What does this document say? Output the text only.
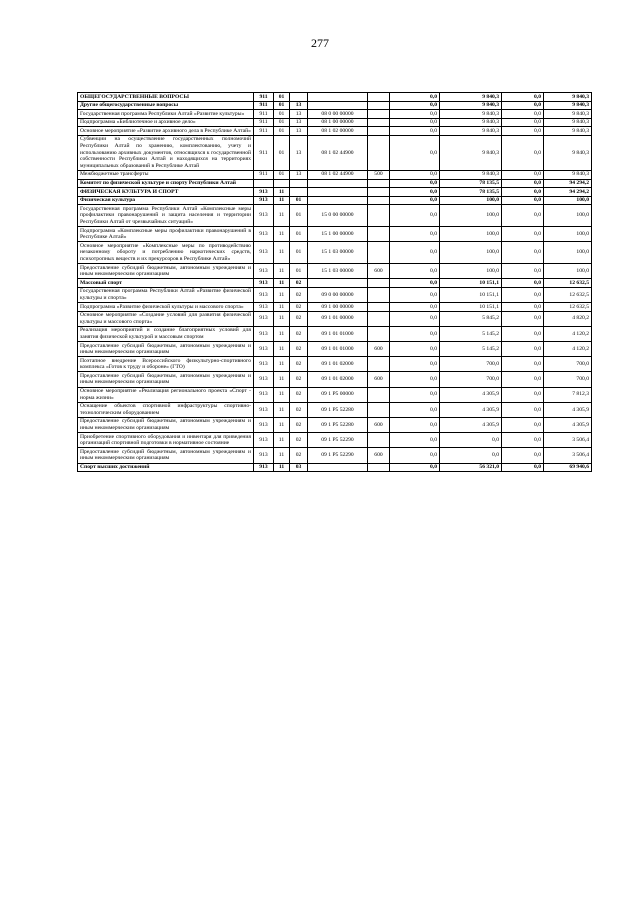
277
ОБЩЕГОСУДАРСТВЕННЫЕ ВОПРОСЫ	911	01				0,0	9 840,3	0,0	9 840,3
Другие общегосударственные вопросы	911	01	13			0,0	9 840,3	0,0	9 840,3
Государственная программа Республики Алтай «Развитие культуры»	911	01	13	08 0 00 00000		0,0	9 840,3	0,0	9 840,3
Подпрограмма «Библиотечное и архивное дело»	911	01	13	08 1 00 00000		0,0	9 840,3	0,0	9 840,3
Основное мероприятие «Развитие архивного дела в Республике Алтай»	911	01	13	08 1 02 00000		0,0	9 840,3	0,0	9 840,3
Субвенции на осуществление государственных полномочий Республики Алтай по хранению, комплектованию, учету и использованию архивных документов, относящихся к государственной собственности Республики Алтай и находящихся на территориях муниципальных образований в Республике Алтай	911	01	13	08 1 02 44900		0,0	9 840,3	0,0	9 840,3
Межбюджетные трансферты	911	01	13	08 1 02 44900	500	0,0	9 840,3	0,0	9 840,3
Комитет по физической культуре и спорту Республики Алтай						0,0	78 135,5	0,0	94 294,2
ФИЗИЧЕСКАЯ КУЛЬТУРА И СПОРТ	913	11				0,0	78 135,5	0,0	94 294,2
Физическая культура	913	11	01			0,0	100,0	0,0	100,0
Государственная программа Республики Алтай «Комплексные меры профилактики правонарушений и защита населения и территории Республики Алтай от чрезвычайных ситуаций»	913	11	01	15 0 00 00000		0,0	100,0	0,0	100,0
Подпрограмма «Комплексные меры профилактики правонарушений в Республике Алтай»	913	11	01	15 1 00 00000		0,0	100,0	0,0	100,0
Основное мероприятие «Комплексные меры по противодействию незаконному обороту и потреблению наркотических средств, психотропных веществ и их прекурсоров в Республике Алтай»	913	11	01	15 1 03 00000		0,0	100,0	0,0	100,0
Предоставление субсидий бюджетным, автономным учреждениям и иным некоммерческим организациям	913	11	01	15 1 03 00000	600	0,0	100,0	0,0	100,0
Массовый спорт	913	11	02			0,0	10 151,1	0,0	12 632,5
Государственная программа Республики Алтай «Развитие физической культуры и спорта»	913	11	02	09 0 00 00000		0,0	10 151,1	0,0	12 632,5
Подпрограмма «Развитие физической культуры и массового спорта»	913	11	02	09 1 00 00000		0,0	10 151,1	0,0	12 632,5
Основное мероприятие «Создание условий для развития физической культуры и массового спорта»	913	11	02	09 1 01 00000		0,0	5 845,2	0,0	4 820,2
Реализация мероприятий и создание благоприятных условий для занятия физической культурой и массовым спортом	913	11	02	09 1 01 01000		0,0	5 145,2	0,0	4 120,2
Предоставление субсидий бюджетным, автономным учреждениям и иным некоммерческим организациям	913	11	02	09 1 01 01000	600	0,0	5 145,2	0,0	4 120,2
Поэтапное внедрение Всероссийского физкультурно-спортивного комплекса «Готов к труду и обороне» (ГТО)	913	11	02	09 1 01 02000		0,0	700,0	0,0	700,0
Предоставление субсидий бюджетным, автономным учреждениям и иным некоммерческим организациям	913	11	02	09 1 01 02000	600	0,0	700,0	0,0	700,0
Основное мероприятие «Реализация регионального проекта «Спорт - норма жизни»	913	11	02	09 1 P5 00000		0,0	4 305,9	0,0	7 812,3
Оснащение объектов спортивной инфраструктуры спортивно-технологическим оборудованием	913	11	02	09 1 P5 52280		0,0	4 305,9	0,0	4 305,9
Предоставление субсидий бюджетным, автономным учреждениям и иным некоммерческим организациям	913	11	02	09 1 P5 52280	600	0,0	4 305,9	0,0	4 305,9
Приобретение спортивного оборудования и инвентаря для приведения организаций спортивной подготовки в нормативное состояние	913	11	02	09 1 P5 52290		0,0	0,0	0,0	3 506,4
Предоставление субсидий бюджетным, автономным учреждениям и иным некоммерческим организациям	913	11	02	09 1 P5 52290	600	0,0	0,0	0,0	3 506,4
Спорт высших достижений	913	11	03			0,0	56 321,0	0,0	69 940,6
